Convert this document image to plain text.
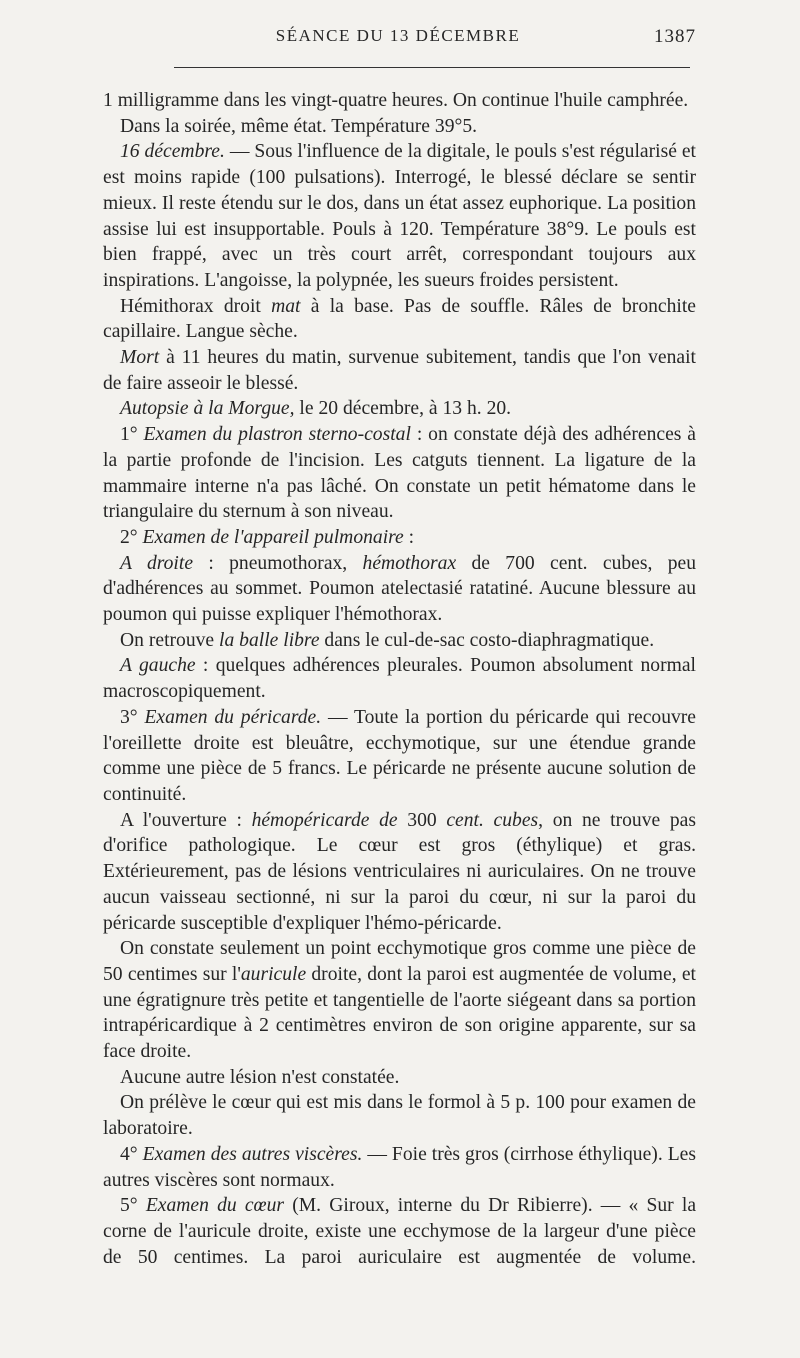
SÉANCE DU 13 DÉCEMBRE	1387

1 milligramme dans les vingt-quatre heures. On continue l'huile camphrée.

Dans la soirée, même état. Température 39°5.

16 décembre. — Sous l'influence de la digitale, le pouls s'est régularisé et est moins rapide (100 pulsations). Interrogé, le blessé déclare se sentir mieux. Il reste étendu sur le dos, dans un état assez euphorique. La position assise lui est insupportable. Pouls à 120. Température 38°9. Le pouls est bien frappé, avec un très court arrêt, correspondant toujours aux inspirations. L'angoisse, la polypnée, les sueurs froides persistent.

Hémithorax droit mat à la base. Pas de souffle. Râles de bronchite capillaire. Langue sèche.

Mort à 11 heures du matin, survenue subitement, tandis que l'on venait de faire asseoir le blessé.

Autopsie à la Morgue, le 20 décembre, à 13 h. 20.

1° Examen du plastron sterno-costal : on constate déjà des adhérences à la partie profonde de l'incision. Les catguts tiennent. La ligature de la mammaire interne n'a pas lâché. On constate un petit hématome dans le triangulaire du sternum à son niveau.

2° Examen de l'appareil pulmonaire :

A droite : pneumothorax, hémothorax de 700 cent. cubes, peu d'adhérences au sommet. Poumon atelectasié ratatiné. Aucune blessure au poumon qui puisse expliquer l'hémothorax.

On retrouve la balle libre dans le cul-de-sac costo-diaphragmatique.

A gauche : quelques adhérences pleurales. Poumon absolument normal macroscopiquement.

3° Examen du péricarde. — Toute la portion du péricarde qui recouvre l'oreillette droite est bleuâtre, ecchymotique, sur une étendue grande comme une pièce de 5 francs. Le péricarde ne présente aucune solution de continuité.

A l'ouverture : hémopéricarde de 300 cent. cubes, on ne trouve pas d'orifice pathologique. Le cœur est gros (éthylique) et gras. Extérieurement, pas de lésions ventriculaires ni auriculaires. On ne trouve aucun vaisseau sectionné, ni sur la paroi du cœur, ni sur la paroi du péricarde susceptible d'expliquer l'hémo-péricarde.

On constate seulement un point ecchymotique gros comme une pièce de 50 centimes sur l'auricule droite, dont la paroi est augmentée de volume, et une égratignure très petite et tangentielle de l'aorte siégeant dans sa portion intrapéricardique à 2 centimètres environ de son origine apparente, sur sa face droite.

Aucune autre lésion n'est constatée.

On prélève le cœur qui est mis dans le formol à 5 p. 100 pour examen de laboratoire.

4° Examen des autres viscères. — Foie très gros (cirrhose éthylique). Les autres viscères sont normaux.

5° Examen du cœur (M. Giroux, interne du Dr Ribierre). — « Sur la corne de l'auricule droite, existe une ecchymose de la largeur d'une pièce de 50 centimes. La paroi auriculaire est augmentée de volume.
